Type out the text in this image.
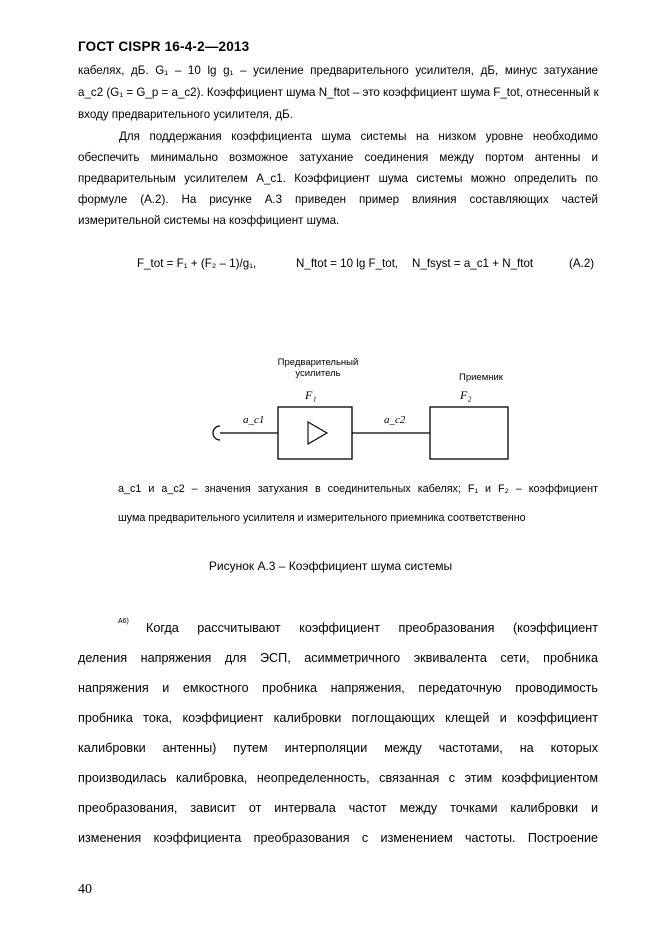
ГОСТ CISPR 16-4-2—2013
кабелях, дБ. G₁ – 10 lg g₁ – усиление предварительного усилителя, дБ, минус затухание
a_c2 (G₁ = G_p = a_c2). Коэффициент шума N_ftot – это коэффициент шума F_tot, отнесенный к
входу предварительного усилителя, дБ.
Для поддержания коэффициента шума системы на низком уровне необходимо
обеспечить минимально возможное затухание соединения между портом антенны и
предварительным усилителем A_c1. Коэффициент шума системы можно определить по
формуле (A.2). На рисунке А.3 приведен пример влияния составляющих частей
измерительной системы на коэффициент шума.
F_tot = F₁ + (F₂ – 1)/g₁,	N_ftot = 10 lg F_tot, N_fsyst = a_c1 + N_ftot	(A.2)
Предварительный
усилитель	Приемник
F₁	F₂
a_c1	a_c2
a_c1 и a_c2 – значения затухания в соединительных кабелях; F₁ и F₂ – коэффициент
шума предварительного усилителя и измерительного приемника соответственно
Рисунок А.3 – Коэффициент шума системы
A6) Когда рассчитывают коэффициент преобразования (коэффициент
деления напряжения для ЭСП, асимметричного эквивалента сети, пробника
напряжения и емкостного пробника напряжения, передаточную проводимость
пробника тока, коэффициент калибровки поглощающих клещей и коэффициент
калибровки антенны) путем интерполяции между частотами, на которых
производилась калибровка, неопределенность, связанная с этим коэффициентом
преобразования, зависит от интервала частот между точками калибровки и
изменения коэффициента преобразования с изменением частоты. Построение
40
